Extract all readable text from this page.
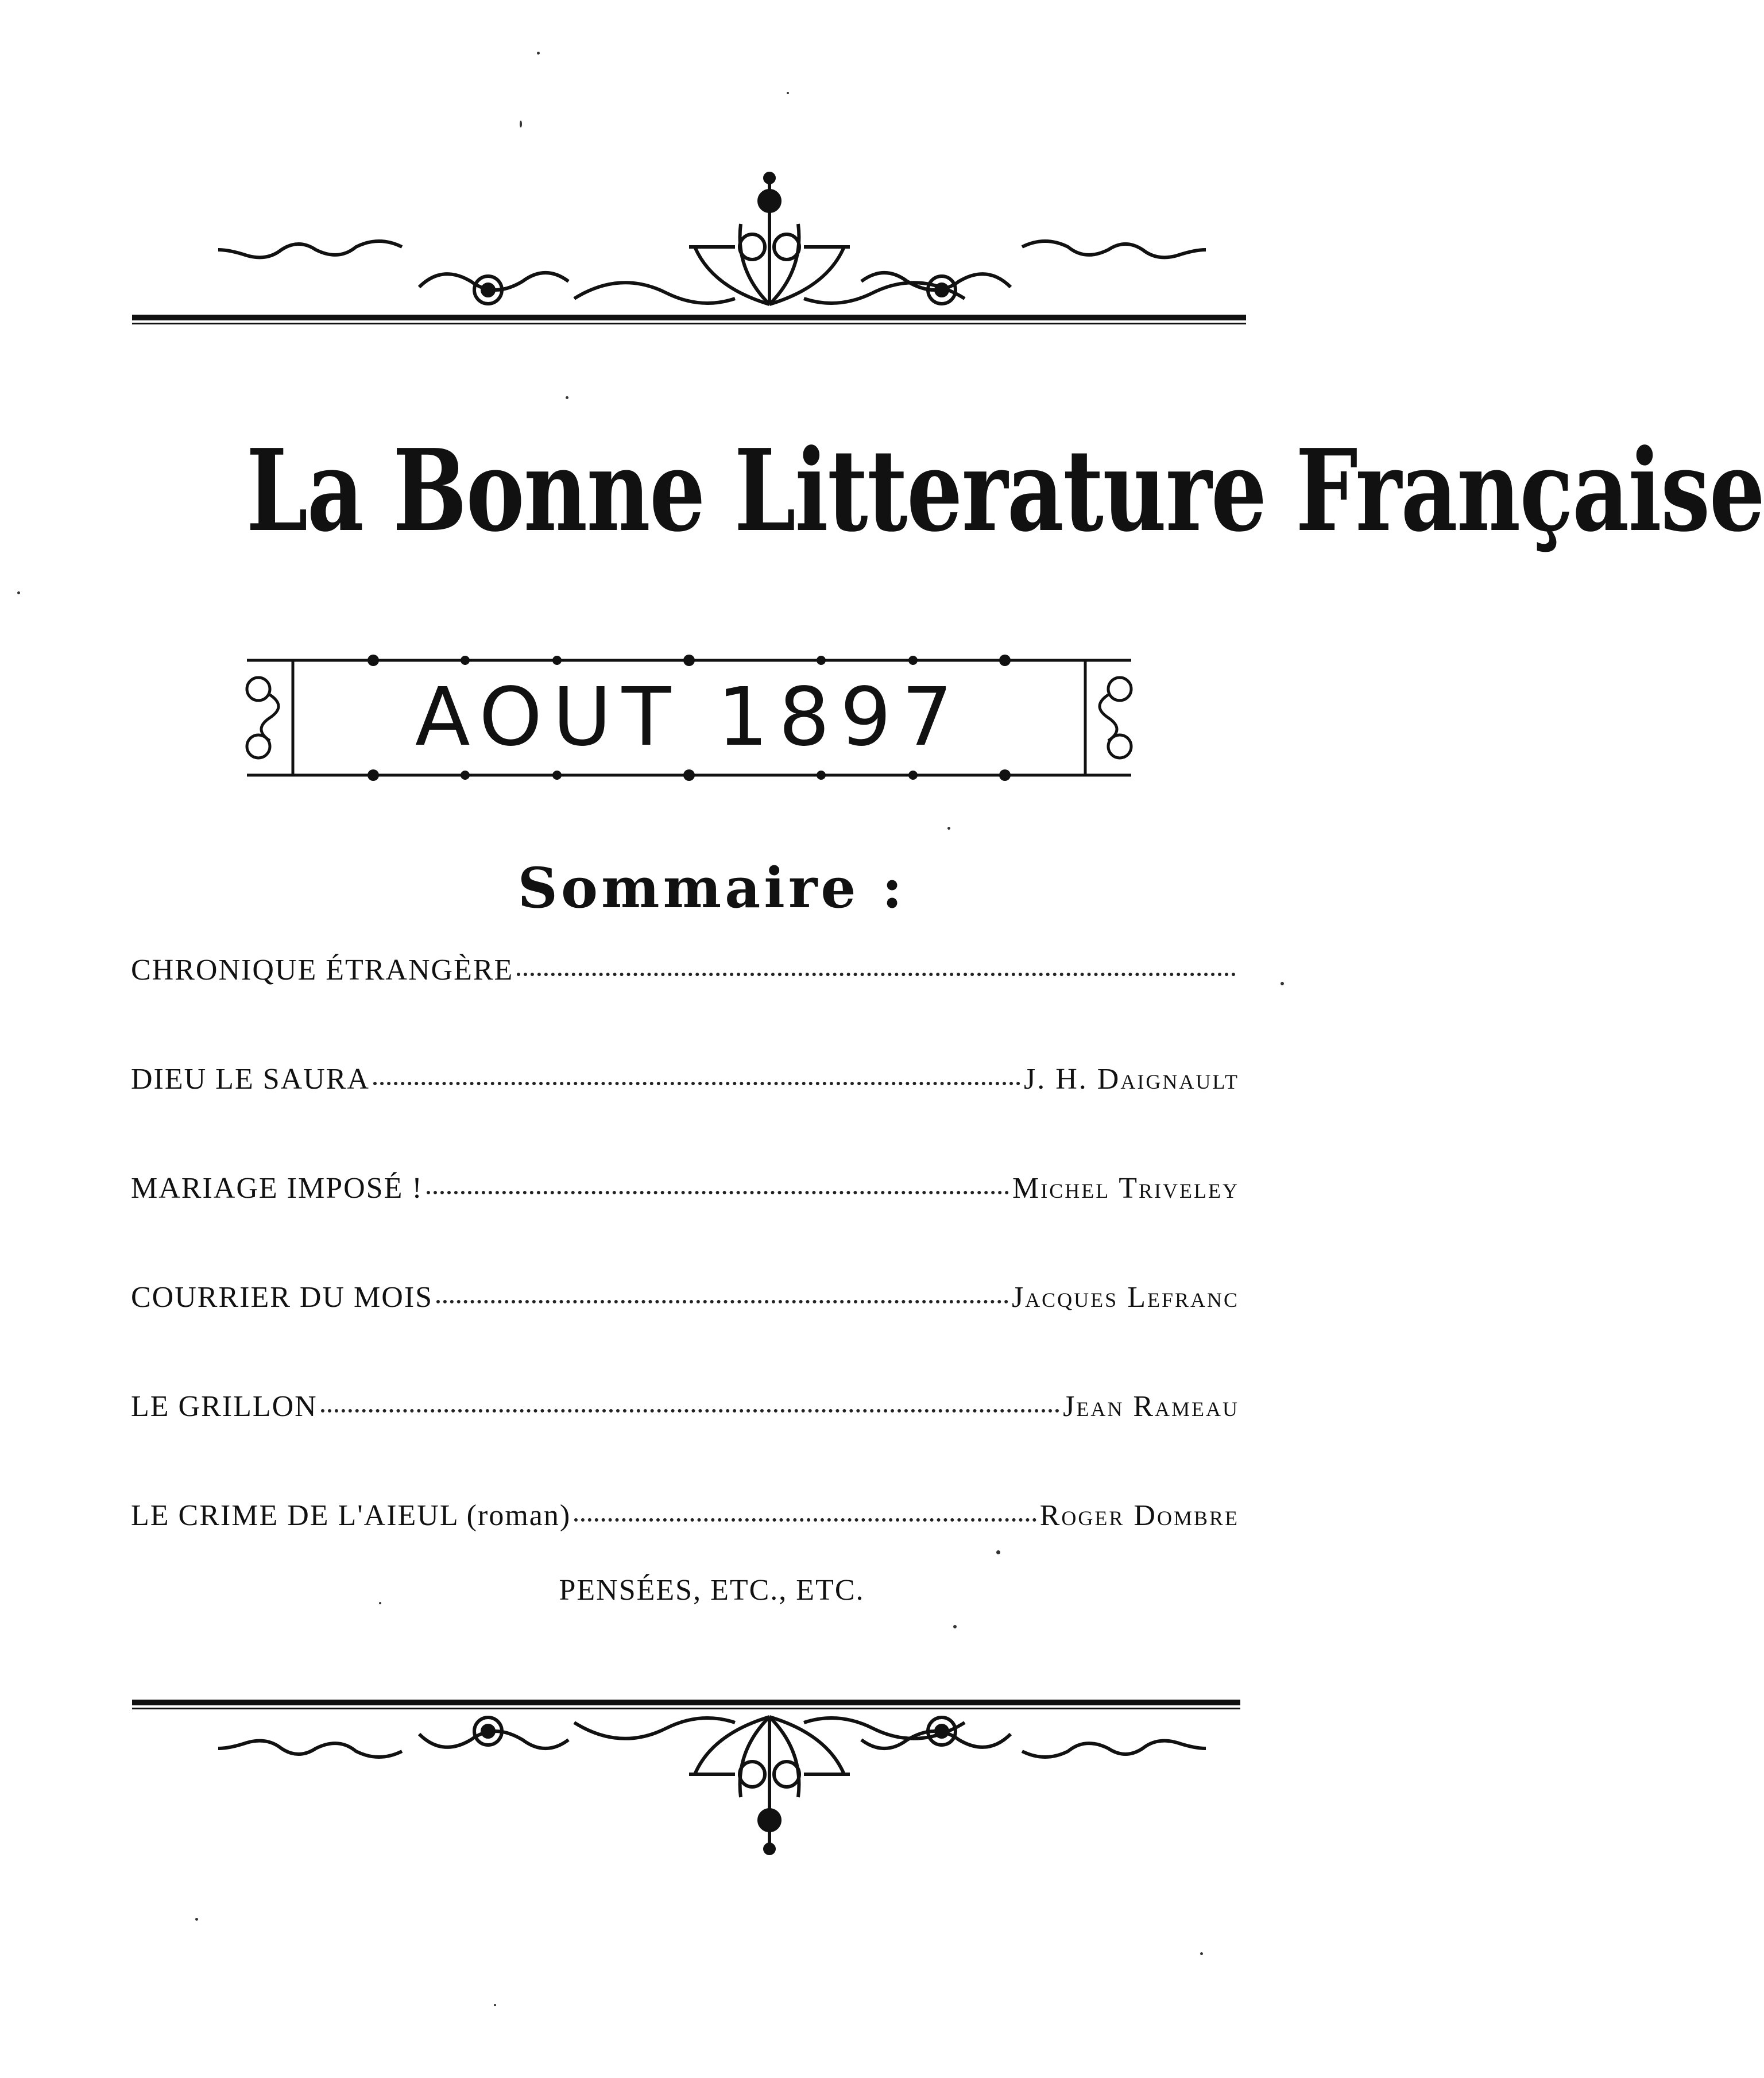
La Bonne Litterature Française
AOUT 1897
Sommaire :
CHRONIQUE ÉTRANGÈRE
DIEU LE SAURA	J. H. Daignault
MARIAGE IMPOSÉ !	Michel Triveley
COURRIER DU MOIS	Jacques Lefranc
LE GRILLON	Jean Rameau
LE CRIME DE L'AIEUL (roman)	Roger Dombre
PENSÉES, ETC., ETC.
